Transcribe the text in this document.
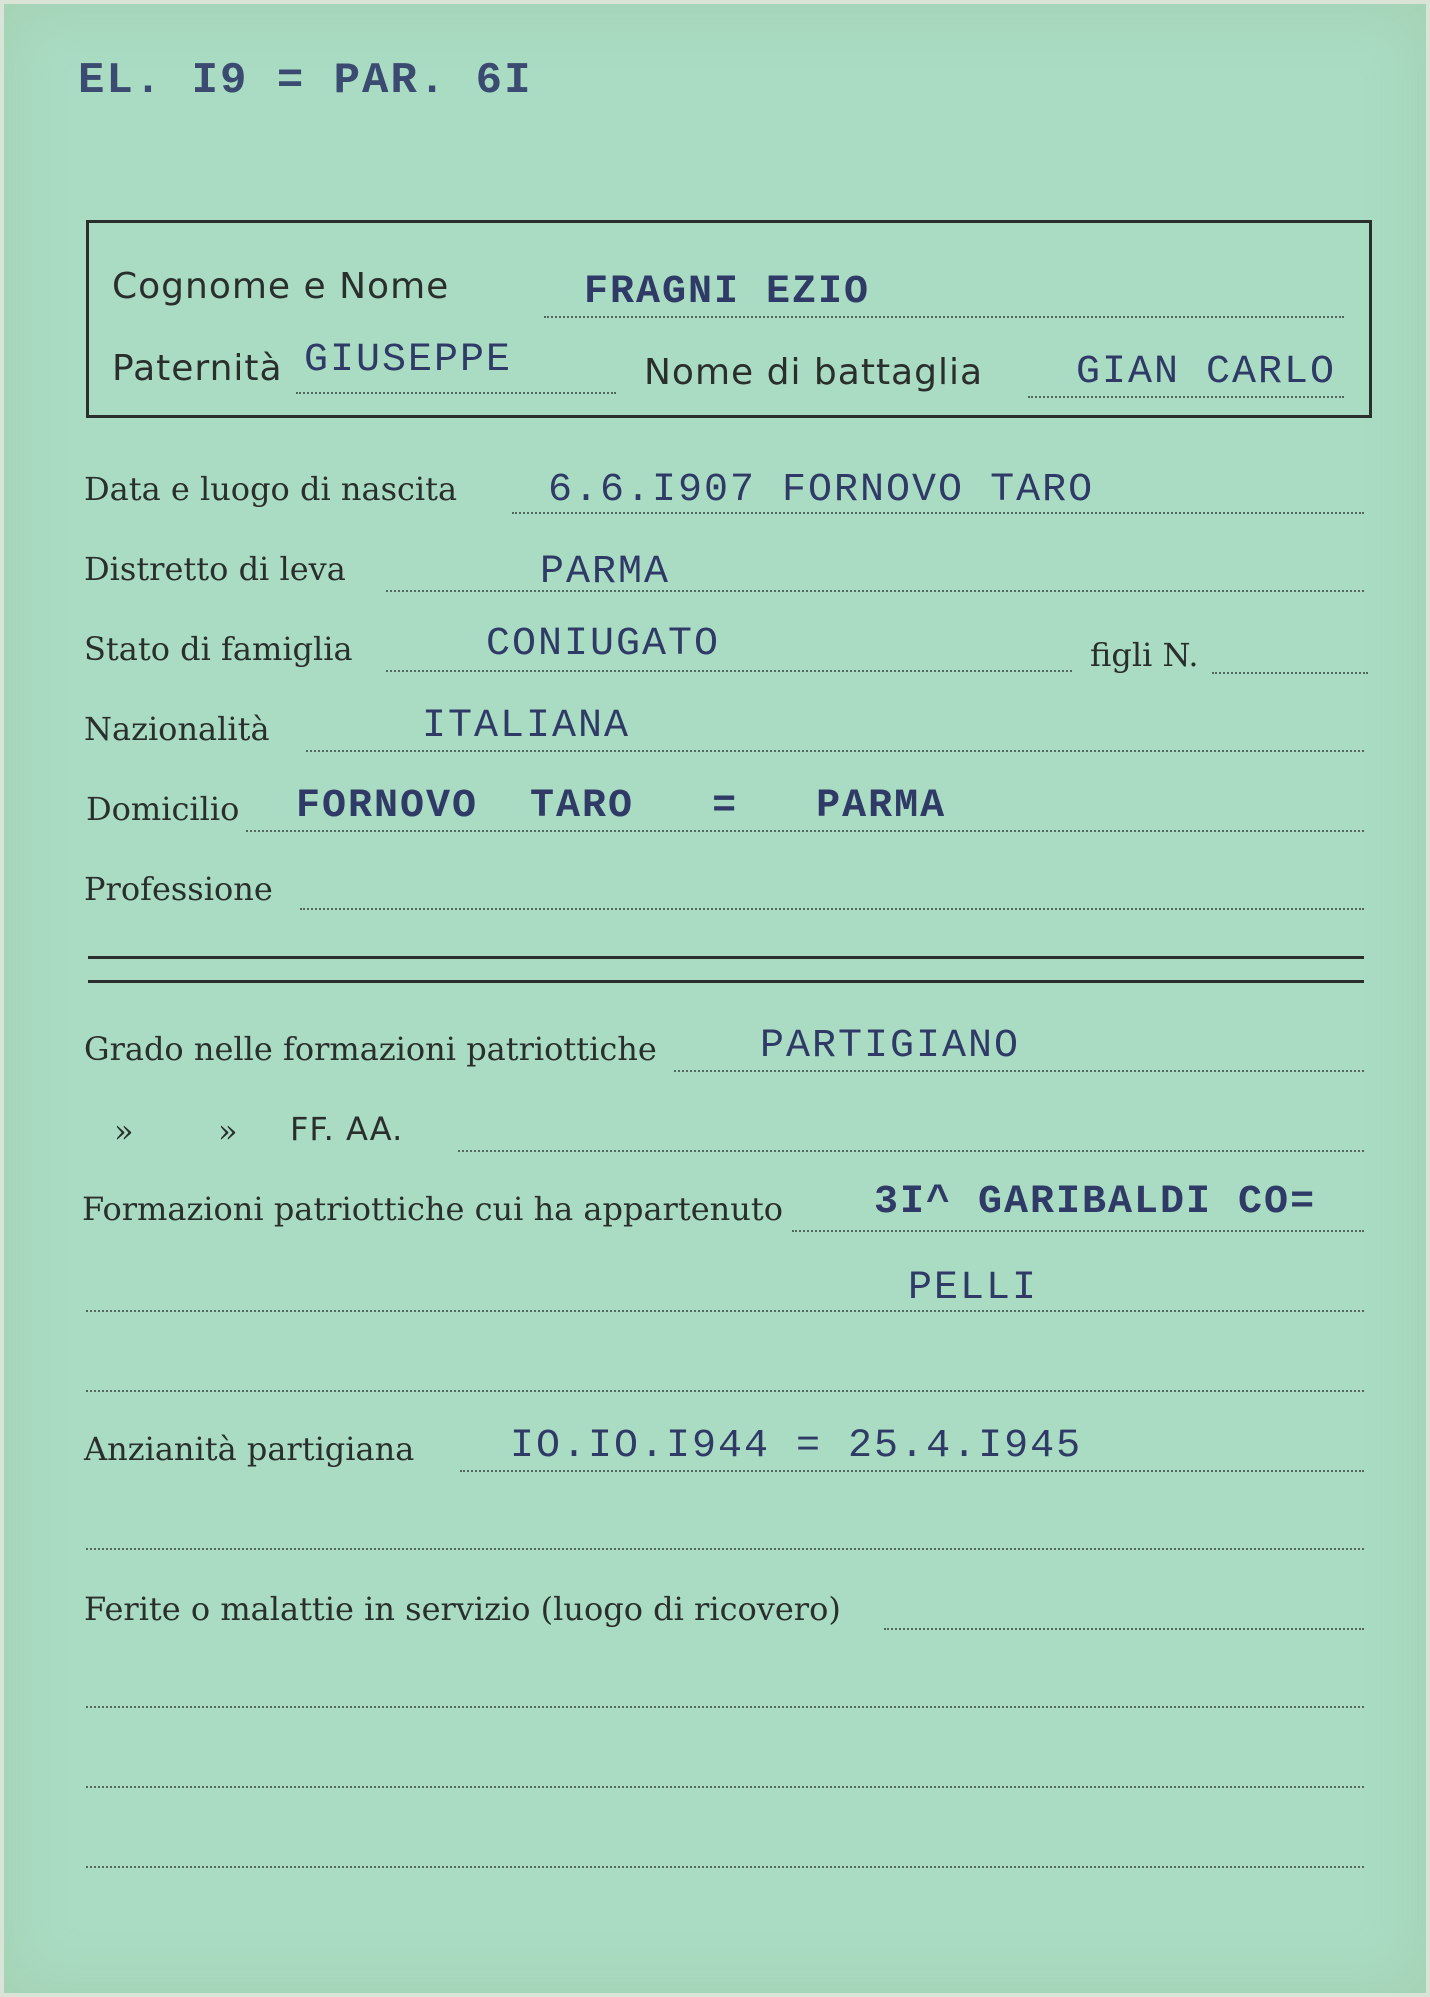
EL. I9 = PAR. 6I
Cognome e Nome	FRAGNI EZIO
Paternità GIUSEPPE	Nome di battaglia GIAN CARLO
Data e luogo di nascita 6.6.I907 FORNOVO TARO
Distretto di leva	PARMA
Stato di famiglia	CONIUGATO	figli N.
Nazionalità	ITALIANA
Domicilio FORNOVO  TARO   =   PARMA
Professione
Grado nelle formazioni patriottiche	PARTIGIANO
»	» FF. AA.
Formazioni patriottiche cui ha appartenuto 3I^ GARIBALDI CO=
PELLI
Anzianità partigiana IO.IO.I944 = 25.4.I945
Ferite o malattie in servizio (luogo di ricovero)
